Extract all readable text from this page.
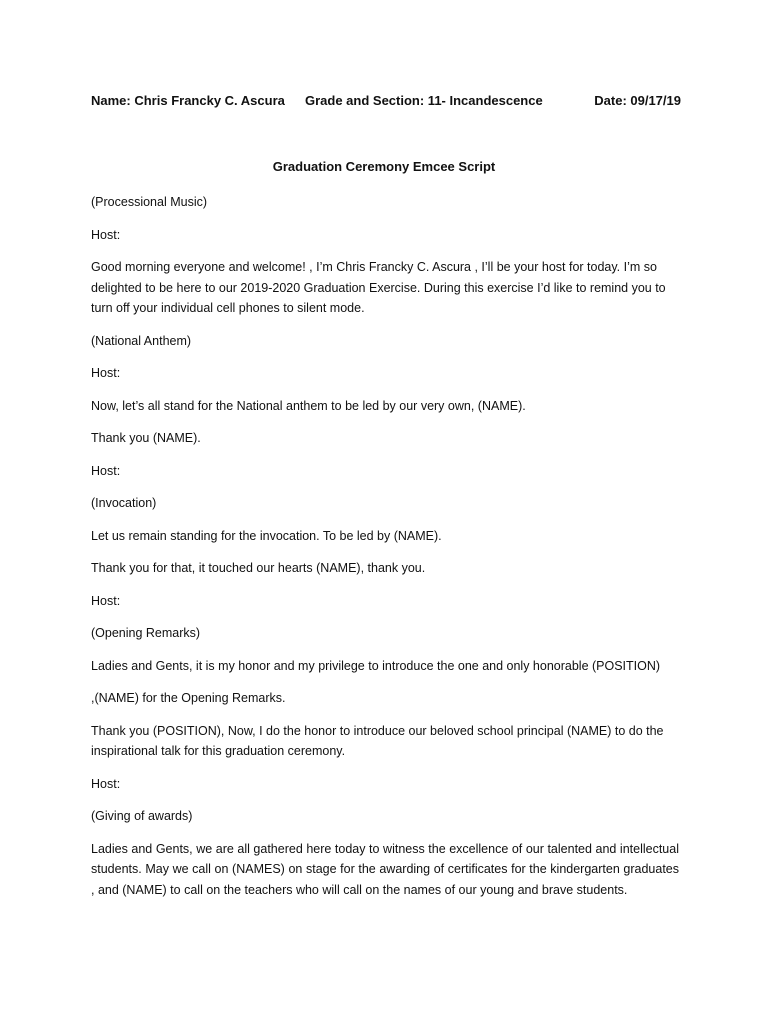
Name: Chris Francky C. Ascura Grade and Section: 11- Incandescence	Date: 09/17/19
Graduation Ceremony Emcee Script

(Processional Music)

Host:

Good morning everyone and welcome! , I’m Chris Francky C. Ascura , I’ll be your host for today. I’m so delighted to be here to our 2019-2020 Graduation Exercise. During this exercise I’d like to remind you to turn off your individual cell phones to silent mode.

(National Anthem)

Host:

Now, let’s all stand for the National anthem to be led by our very own, (NAME).

Thank you (NAME).

Host:

(Invocation)

Let us remain standing for the invocation. To be led by (NAME).

Thank you for that, it touched our hearts (NAME), thank you.

Host:

(Opening Remarks)

Ladies and Gents, it is my honor and my privilege to introduce the one and only honorable (POSITION)

,(NAME) for the Opening Remarks.

Thank you (POSITION), Now, I do the honor to introduce our beloved school principal (NAME) to do the inspirational talk for this graduation ceremony.

Host:

(Giving of awards)

Ladies and Gents, we are all gathered here today to witness the excellence of our talented and intellectual students. May we call on (NAMES) on stage for the awarding of certificates for the kindergarten graduates , and (NAME) to call on the teachers who will call on the names of our young and brave students.
